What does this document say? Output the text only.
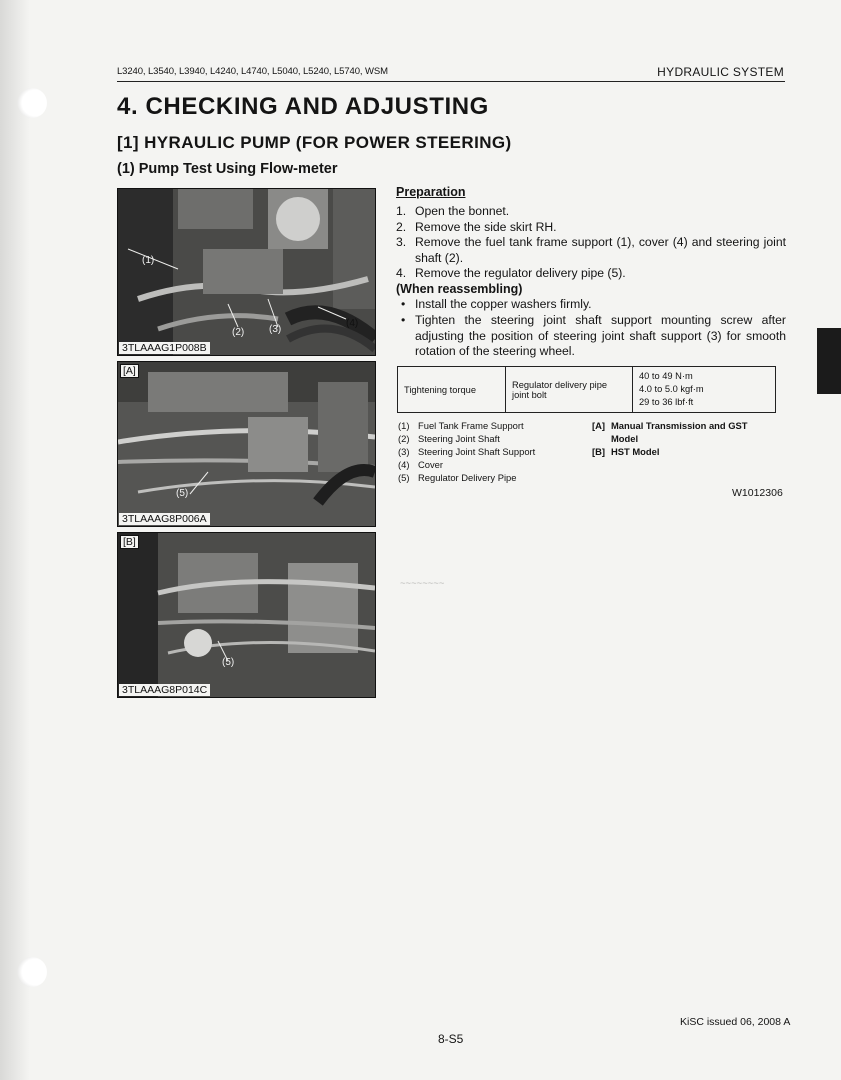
~~~~~~~~
L3240, L3540, L3940, L4240, L4740, L5040, L5240, L5740, WSM	HYDRAULIC SYSTEM
4. CHECKING AND ADJUSTING
[1] HYRAULIC PUMP (FOR POWER STEERING)
(1) Pump Test Using Flow-meter
(1)
(2) (3)
(4)
3TLAAAG1P008B
[A]
(5)
3TLAAAG8P006A
[B]
(5)
3TLAAAG8P014C
Preparation
1. Open the bonnet.
2. Remove the side skirt RH.
3. Remove the fuel tank frame support (1), cover (4) and steering joint shaft (2).
4. Remove the regulator delivery pipe (5).
(When reassembling)
• Install the copper washers firmly.
• Tighten the steering joint shaft support mounting screw after adjusting the position of steering joint shaft support (3) for smooth rotation of the steering wheel.
Tightening torque	Regulator delivery pipe joint bolt	
40 to 49 N·m
4.0 to 5.0 kgf·m
29 to 36 lbf·ft
(1) Fuel Tank Frame Support
(2) Steering Joint Shaft
(3) Steering Joint Shaft Support
(4) Cover
(5) Regulator Delivery Pipe
[A] Manual Transmission and GST
Model
[B] HST Model
W1012306
KiSC issued 06, 2008 A
8-S5
